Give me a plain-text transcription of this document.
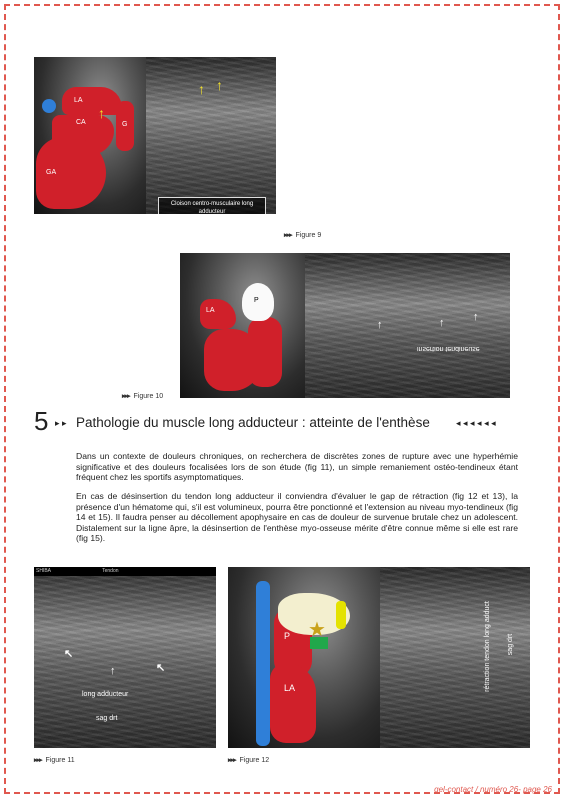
LA
CA
GA
G
↑
↑ ↑
Cloison centro-musculaire long adducteur
▸▸▸ Figure 9
P
LA
↑	↑	↑
insertion tendineuse
▸▸▸ Figure 10
5 ▸ ▸ Pathologie du muscle long adducteur : atteinte de l'enthèse	◂ ◂ ◂ ◂ ◂ ◂
Dans un contexte de douleurs chroniques, on recherchera de discrètes zones de rupture avec une hyperhémie significative et des douleurs focalisées lors de son étude (fig 11), un simple remaniement ostéo-tendineux étant fréquent chez les sportifs asymptomatiques.
En cas de désinsertion du tendon long adducteur il conviendra d'évaluer le gap de rétraction (fig 12 et 13), la présence d'un hématome qui, s'il est volumineux, pourra être ponctionné et l'extension au niveau myo-tendineux (fig 14 et 15). Il faudra penser au décollement apophysaire en cas de douleur de survenue brutale chez un adolescent. Distalement sur la ligne âpre, la désinsertion de l'enthèse myo-osseuse mérite d'être connue même si elle est rare (fig 15).
SHIBA	Tendon
↖
↑	↖
long adducteur
sag drt
▸▸▸ Figure 11
★
P
LA	rétraction tendon long adduct sag drt
▸▸▸ Figure 12
gel-contact / numéro 26- page 26
